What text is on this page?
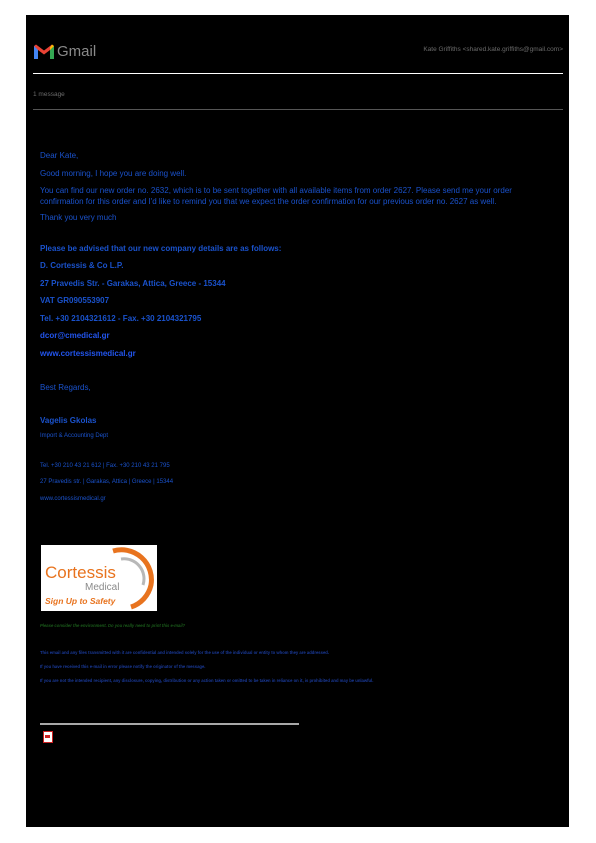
Gmail	Kate Griffiths <shared.kate.griffiths@gmail.com>
1 message
Dear Kate,
Good morning, I hope you are doing well.
You can find our new order no. 2632, which is to be sent together with all available items from order 2627. Please send me your order confirmation for this order and I'd like to remind you that we expect the order confirmation for our previous order no. 2627 as well.
Thank you very much
Please be advised that our new company details are as follows:
D. Cortessis & Co L.P.
27 Pravedis Str. - Garakas, Attica, Greece - 15344
VAT GR090553907
Tel. +30 2104321612 - Fax. +30 2104321795
dcor@cmedical.gr
www.cortessismedical.gr
Best Regards,
Vagelis Gkolas
Import & Accounting Dept
Tel. +30 210 43 21 612 | Fax. +30 210 43 21 795
27 Pravedis str. | Garakas, Attica | Greece | 15344
www.cortessismedical.gr
Cortessis
Medical
Sign Up to Safety
Please consider the environment. Do you really need to print this e-mail?
This email and any files transmitted with it are confidential and intended solely for the use of the individual or entity to whom they are addressed.
If you have received this e-mail in error please notify the originator of the message.
If you are not the intended recipient, any disclosure, copying, distribution or any action taken or omitted to be taken in reliance on it, is prohibited and may be unlawful.
